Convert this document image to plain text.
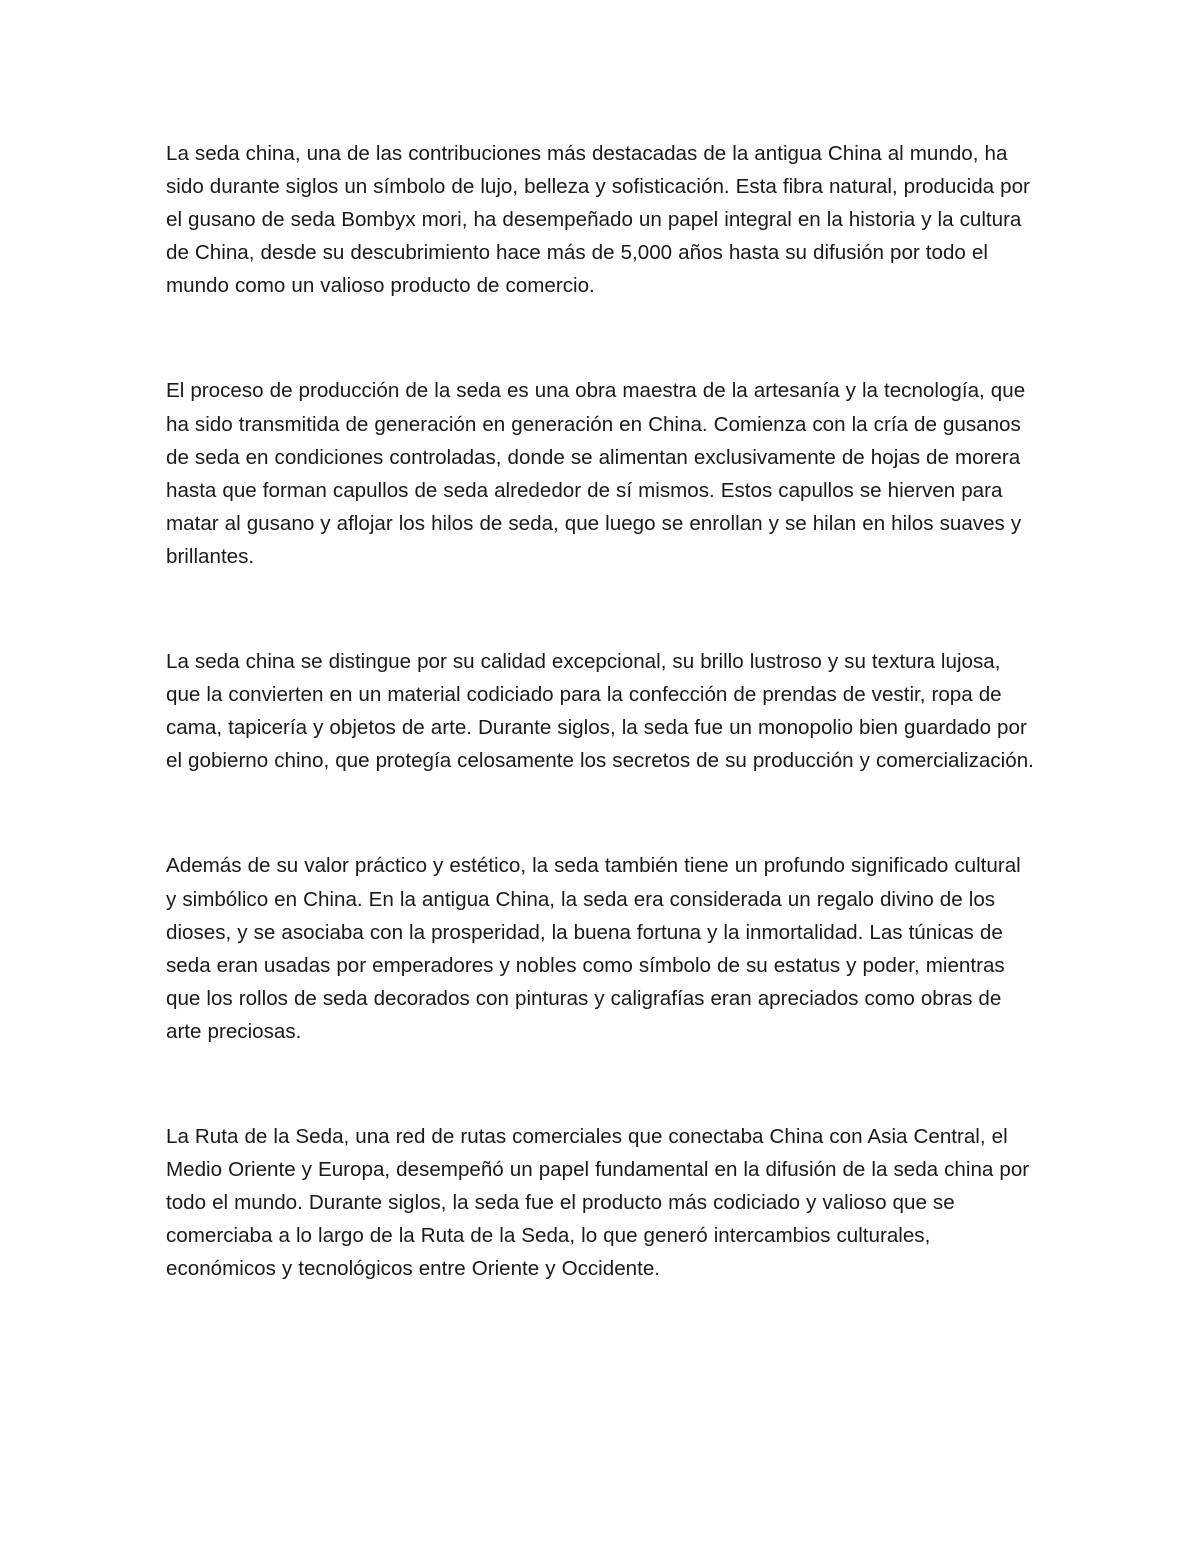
La seda china, una de las contribuciones más destacadas de la antigua China al mundo, ha sido durante siglos un símbolo de lujo, belleza y sofisticación. Esta fibra natural, producida por el gusano de seda Bombyx mori, ha desempeñado un papel integral en la historia y la cultura de China, desde su descubrimiento hace más de 5,000 años hasta su difusión por todo el mundo como un valioso producto de comercio.

El proceso de producción de la seda es una obra maestra de la artesanía y la tecnología, que ha sido transmitida de generación en generación en China. Comienza con la cría de gusanos de seda en condiciones controladas, donde se alimentan exclusivamente de hojas de morera hasta que forman capullos de seda alrededor de sí mismos. Estos capullos se hierven para matar al gusano y aflojar los hilos de seda, que luego se enrollan y se hilan en hilos suaves y brillantes.

La seda china se distingue por su calidad excepcional, su brillo lustroso y su textura lujosa, que la convierten en un material codiciado para la confección de prendas de vestir, ropa de cama, tapicería y objetos de arte. Durante siglos, la seda fue un monopolio bien guardado por el gobierno chino, que protegía celosamente los secretos de su producción y comercialización.

Además de su valor práctico y estético, la seda también tiene un profundo significado cultural y simbólico en China. En la antigua China, la seda era considerada un regalo divino de los dioses, y se asociaba con la prosperidad, la buena fortuna y la inmortalidad. Las túnicas de seda eran usadas por emperadores y nobles como símbolo de su estatus y poder, mientras que los rollos de seda decorados con pinturas y caligrafías eran apreciados como obras de arte preciosas.

La Ruta de la Seda, una red de rutas comerciales que conectaba China con Asia Central, el Medio Oriente y Europa, desempeñó un papel fundamental en la difusión de la seda china por todo el mundo. Durante siglos, la seda fue el producto más codiciado y valioso que se comerciaba a lo largo de la Ruta de la Seda, lo que generó intercambios culturales, económicos y tecnológicos entre Oriente y Occidente.
